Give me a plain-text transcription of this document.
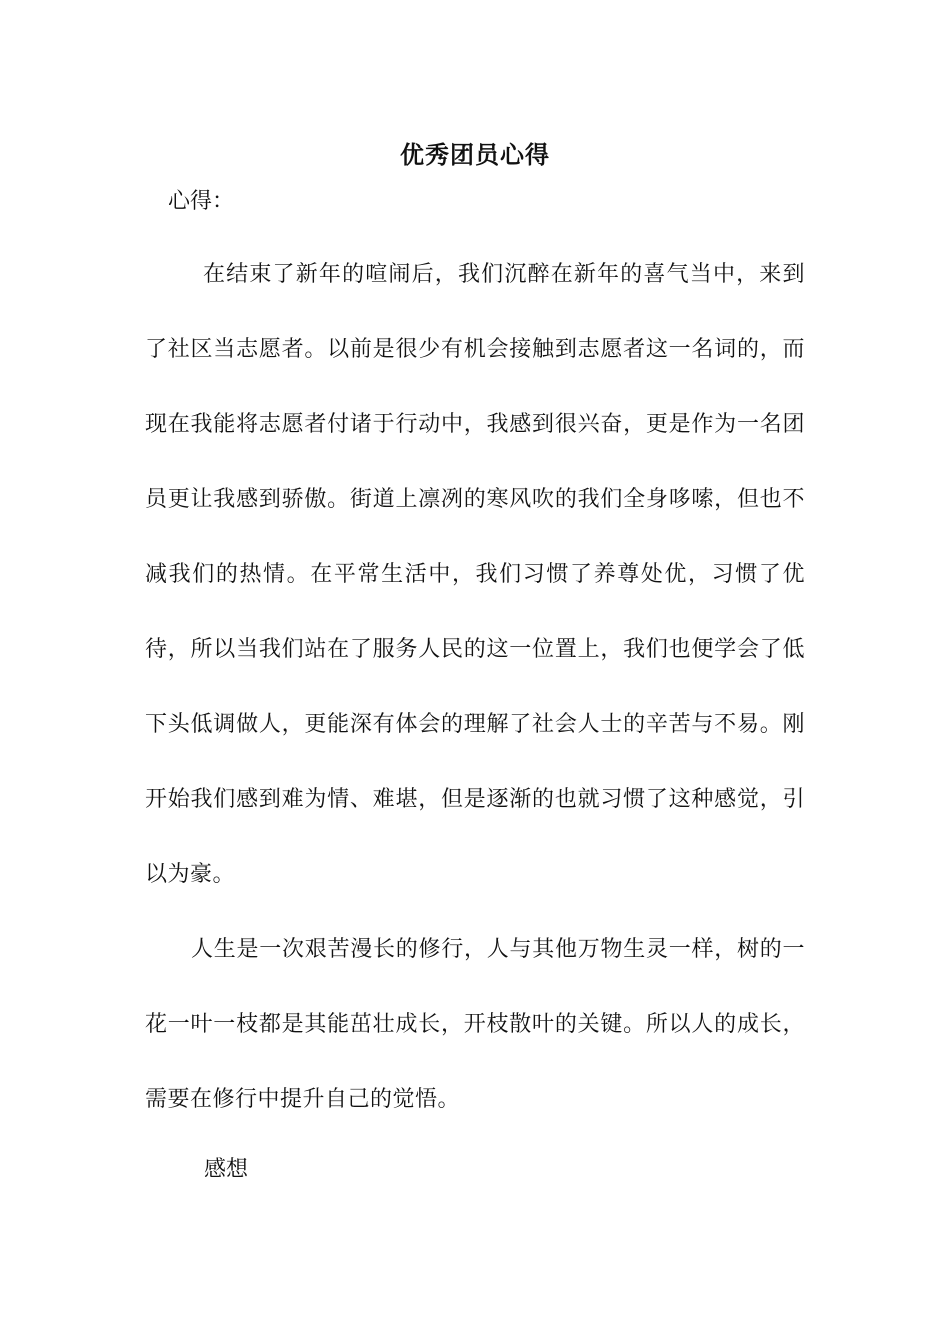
优秀团员心得
心得：
在结束了新年的喧闹后，我们沉醉在新年的喜气当中，来到了社区当志愿者。以前是很少有机会接触到志愿者这一名词的，而现在我能将志愿者付诸于行动中，我感到很兴奋，更是作为一名团员更让我感到骄傲。街道上凛冽的寒风吹的我们全身哆嗦，但也不减我们的热情。在平常生活中，我们习惯了养尊处优，习惯了优待，所以当我们站在了服务人民的这一位置上，我们也便学会了低下头低调做人，更能深有体会的理解了社会人士的辛苦与不易。刚开始我们感到难为情、难堪，但是逐渐的也就习惯了这种感觉，引以为豪。
人生是一次艰苦漫长的修行，人与其他万物生灵一样，树的一花一叶一枝都是其能茁壮成长，开枝散叶的关键。所以人的成长，需要在修行中提升自己的觉悟。
感想
